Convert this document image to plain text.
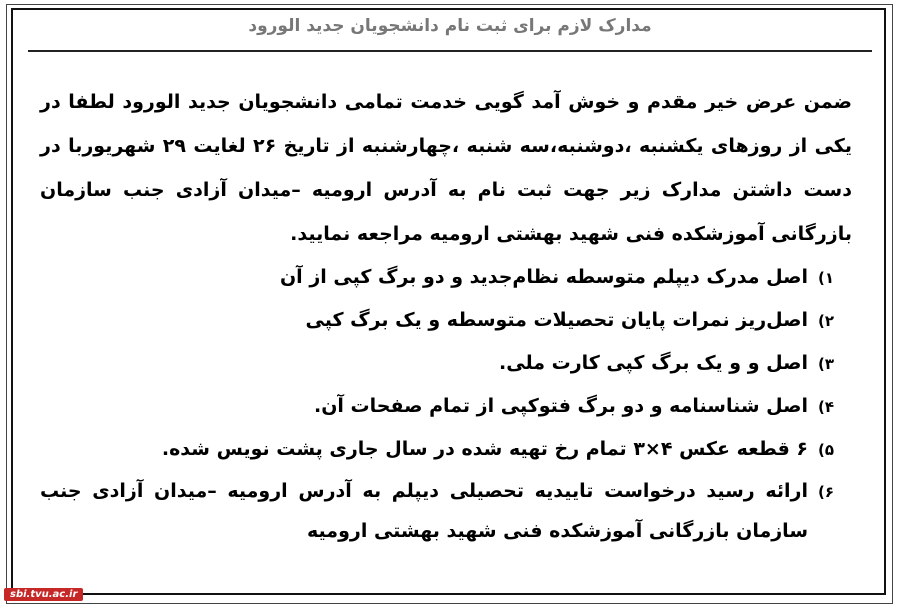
مدارک لازم برای ثبت نام دانشجویان جدید الورود

ضمن عرض خیر مقدم و خوش آمد گویی خدمت تمامی دانشجویان جدید الورود لطفا در یکی از روزهای یکشنبه ،دوشنبه،سه شنبه ،چهارشنبه از تاریخ ۲۶ لغایت ۲۹ شهریوربا در دست داشتن مدارک زیر جهت ثبت نام به آدرس ارومیه –میدان آزادی جنب سازمان بازرگانی آموزشکده فنی شهید بهشتی ارومیه مراجعه نمایید.

۱)
اصل مدرک دیپلم متوسطه نظام‌جدید و دو برگ کپی از آن
۲)
اصل‌ریز نمرات پایان تحصیلات متوسطه و یک برگ کپی
۳)
اصل و و یک برگ کپی کارت ملی.
۴)
اصل شناسنامه و دو برگ فتوکپی از تمام صفحات آن.
۵)
۶ قطعه عکس ۴×۳ تمام رخ تهیه شده در سال جاری پشت نویس شده.
۶)
ارائه رسید درخواست تاییدیه تحصیلی دیپلم به آدرس ارومیه –میدان آزادی جنب سازمان بازرگانی آموزشکده فنی شهید بهشتی ارومیه
sbi.tvu.ac.ir
